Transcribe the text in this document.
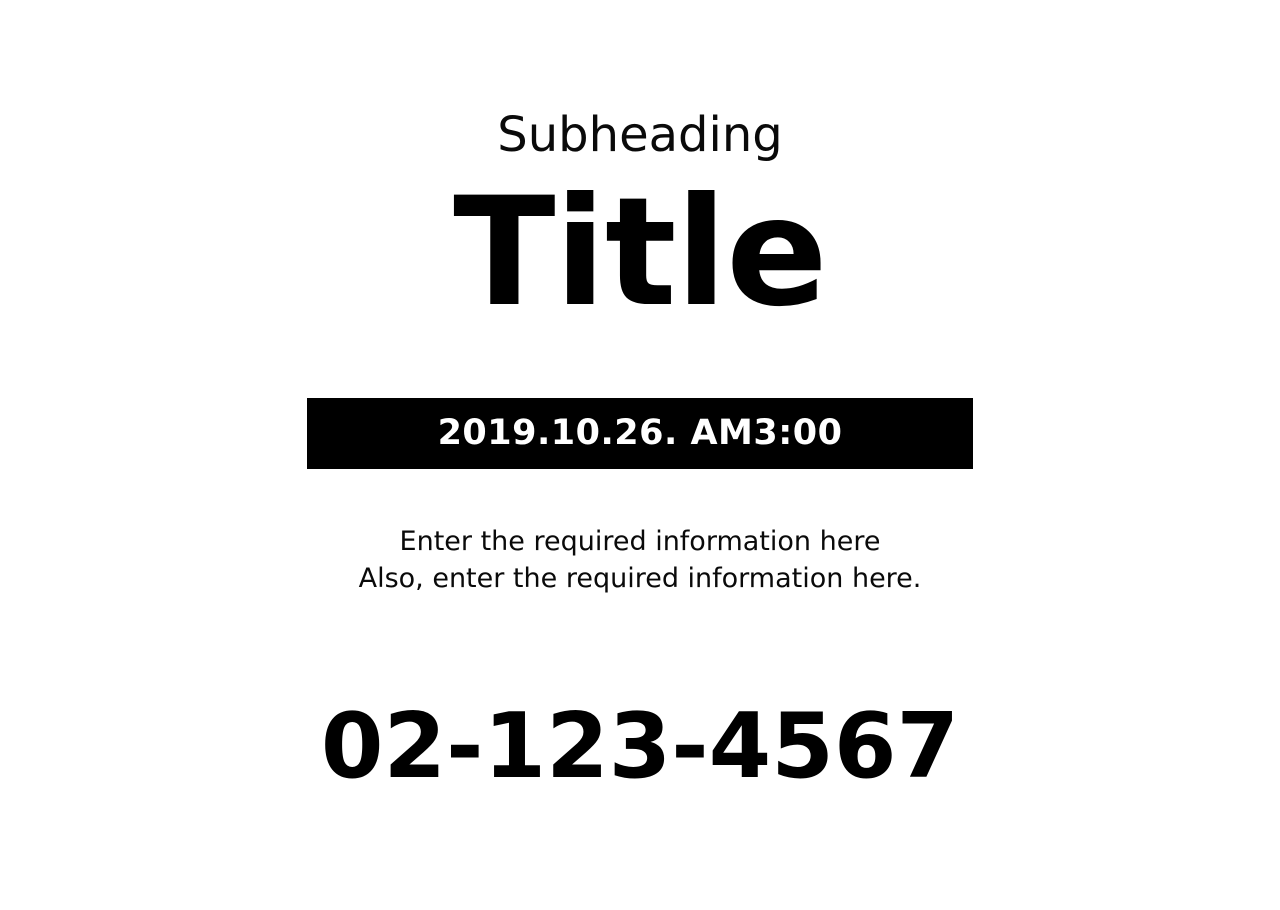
Subheading
Title
2019.10.26. AM3:00
Enter the required information here
Also, enter the required information here.
02-123-4567
